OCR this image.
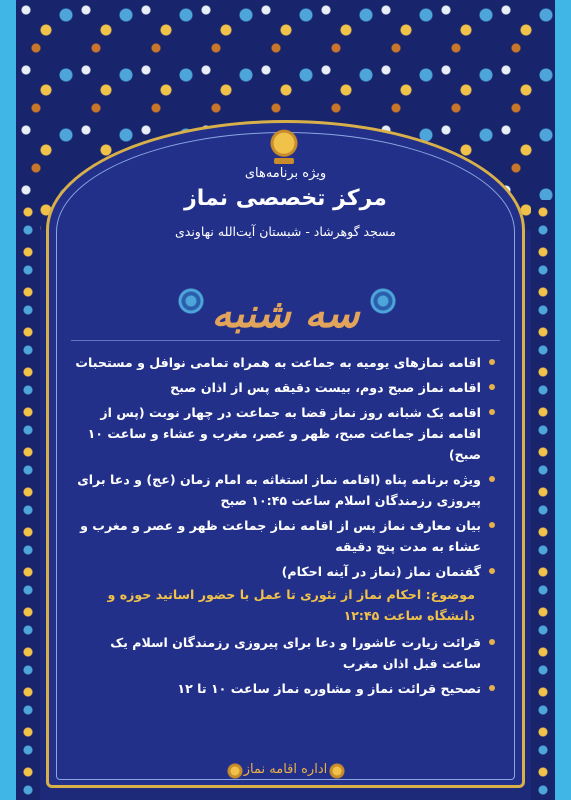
ویژه برنامه‌های
مرکز تخصصی نماز
مسجد گوهرشاد - شبستان آیت‌الله نهاوندی
سه شنبه
اقامه نمازهای یومیه به جماعت به همراه تمامی نوافل و مستحبات
اقامه نماز صبح دوم، بیست دقیقه پس از اذان صبح
اقامه یک شبانه روز نماز قضا به جماعت در چهار نوبت (پس از اقامه نماز جماعت صبح، ظهر و عصر، مغرب و عشاء و ساعت ۱۰ صبح)
ویژه برنامه پناه (اقامه نماز استغاثه به امام زمان (عج) و دعا برای پیروزی رزمندگان اسلام ساعت ۱۰:۴۵ صبح
بیان معارف نماز پس از اقامه نماز جماعت ظهر و عصر و مغرب و عشاء به مدت پنج دقیقه
گفتمان نماز (نماز در آینه احکام)
موضوع: احکام نماز از تئوری تا عمل با حضور اساتید حوزه و دانشگاه ساعت ۱۲:۴۵
قرائت زیارت عاشورا و دعا برای پیروزی رزمندگان اسلام یک ساعت قبل اذان مغرب
تصحیح قرائت نماز و مشاوره نماز ساعت ۱۰ تا ۱۲
اداره اقامه نماز
